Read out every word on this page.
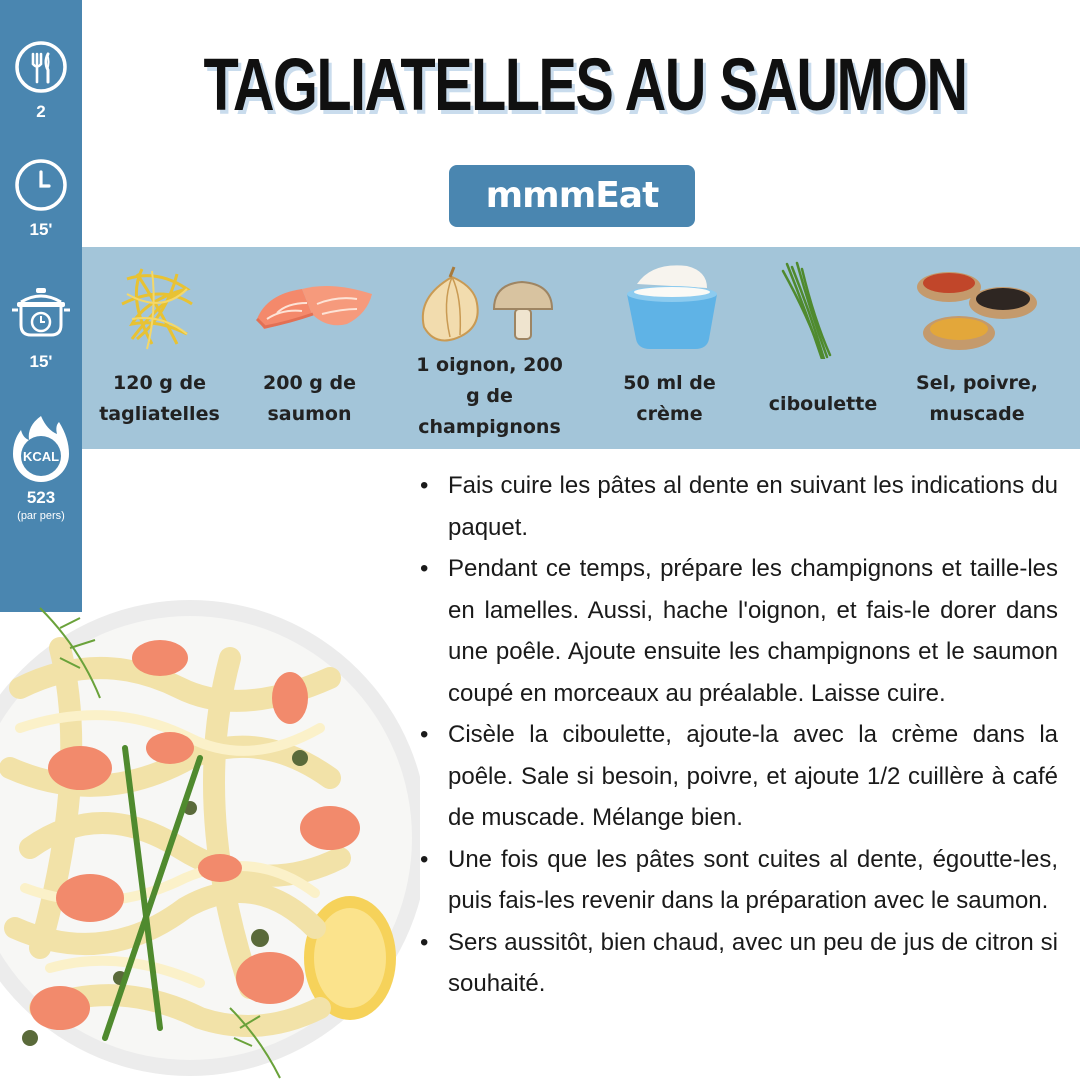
2
15'
15'
KCAL
523
(par pers)
TAGLIATELLES AU SAUMON
mmmEat
120 g de tagliatelles
200 g de saumon
1 oignon, 200 g de champignons
50 ml de crème	ciboulette
Sel, poivre, muscade
• Fais cuire les pâtes al dente en suivant les indications du paquet.
• Pendant ce temps, prépare les champignons et taille-les en lamelles. Aussi, hache l'oignon, et fais-le dorer dans une poêle. Ajoute ensuite les champignons et le saumon coupé en morceaux au préalable. Laisse cuire.
• Cisèle la ciboulette, ajoute-la avec la crème dans la poêle. Sale si besoin, poivre, et ajoute 1/2 cuillère à café de muscade. Mélange bien.
• Une fois que les pâtes sont cuites al dente, égoutte-les, puis fais-les revenir dans la préparation avec le saumon.
• Sers aussitôt, bien chaud, avec un peu de jus de citron si souhaité.
